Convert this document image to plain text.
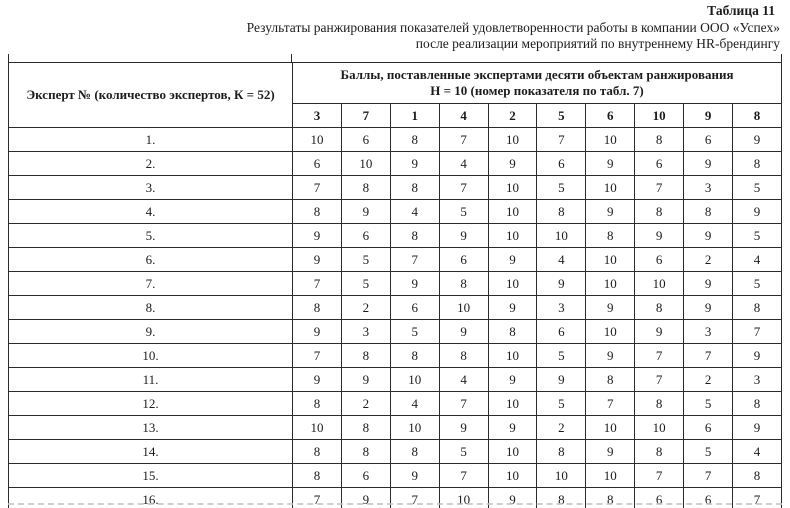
Таблица 11
Результаты ранжирования показателей удовлетворенности работы в компании ООО «Успех»
после реализации мероприятий по внутреннему HR-брендингу
Эксперт № (количество экспертов, К = 52)	Баллы, поставленные экспертами десяти объектам ранжирования
Н = 10 (номер показателя по табл. 7)									

	3	7	1	4	2	5	6	10	9	8
1.	10	6	8	7	10	7	10	8	6	9
2.	6	10	9	4	9	6	9	6	9	8
3.	7	8	8	7	10	5	10	7	3	5
4.	8	9	4	5	10	8	9	8	8	9
5.	9	6	8	9	10	10	8	9	9	5
6.	9	5	7	6	9	4	10	6	2	4
7.	7	5	9	8	10	9	10	10	9	5
8.	8	2	6	10	9	3	9	8	9	8
9.	9	3	5	9	8	6	10	9	3	7
10.	7	8	8	8	10	5	9	7	7	9
11.	9	9	10	4	9	9	8	7	2	3
12.	8	2	4	7	10	5	7	8	5	8
13.	10	8	10	9	9	2	10	10	6	9
14.	8	8	8	5	10	8	9	8	5	4
15.	8	6	9	7	10	10	10	7	7	8
16.	7	9	7	10	9	8	8	6	6	7
